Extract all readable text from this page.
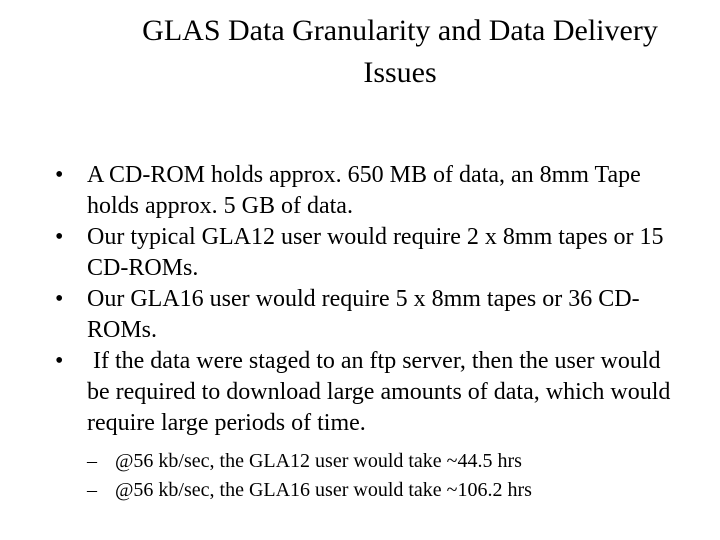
GLAS Data Granularity and Data Delivery
Issues
• A CD-ROM holds approx. 650 MB of data, an 8mm Tape holds approx. 5 GB of data.
• Our typical GLA12 user would require 2 x 8mm tapes or 15 CD-ROMs.
• Our GLA16 user would require 5 x 8mm tapes or 36 CD-ROMs.
• If the data were staged to an ftp server, then the user would be required to download large amounts of data, which would require large periods of time.
– @56 kb/sec, the GLA12 user would take ~44.5 hrs
– @56 kb/sec, the GLA16 user would take ~106.2 hrs
